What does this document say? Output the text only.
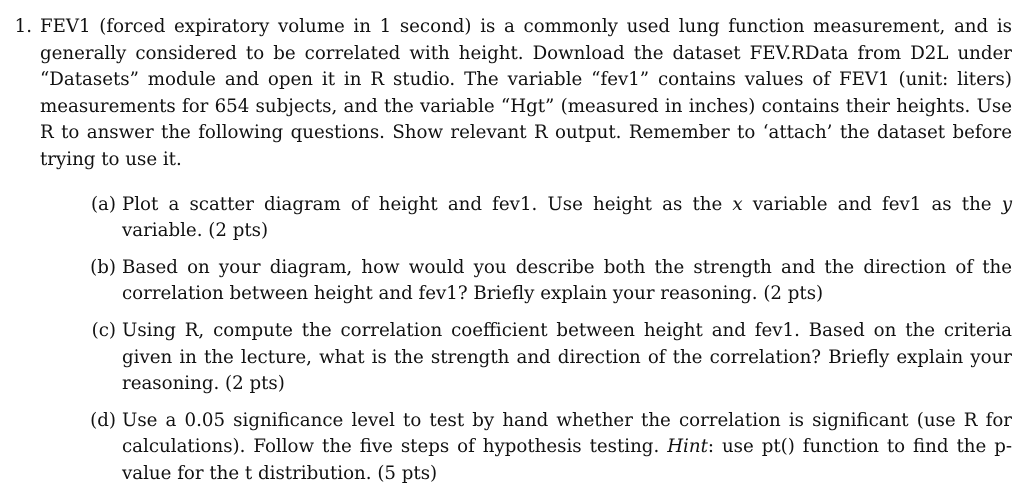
1. FEV1 (forced expiratory volume in 1 second) is a commonly used lung function measurement, and is generally considered to be correlated with height. Download the dataset FEV.RData from D2L under “Datasets” module and open it in R studio. The variable “fev1” contains values of FEV1 (unit: liters) measurements for 654 subjects, and the variable “Hgt” (measured in inches) contains their heights. Use R to answer the following questions. Show relevant R output. Remember to ‘attach’ the dataset before trying to use it.
(a) Plot a scatter diagram of height and fev1. Use height as the x variable and fev1 as the y variable. (2 pts)
(b) Based on your diagram, how would you describe both the strength and the direction of the correlation between height and fev1? Briefly explain your reasoning. (2 pts)
(c) Using R, compute the correlation coefficient between height and fev1. Based on the criteria given in the lecture, what is the strength and direction of the correlation? Briefly explain your reasoning. (2 pts)
(d) Use a 0.05 significance level to test by hand whether the correlation is significant (use R for calculations). Follow the five steps of hypothesis testing. Hint: use pt() function to find the p-value for the t distribution. (5 pts)
